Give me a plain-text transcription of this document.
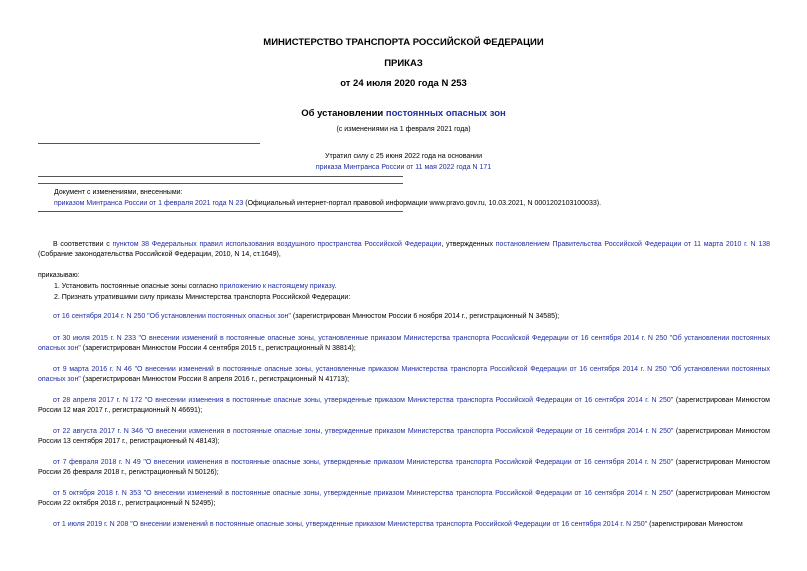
МИНИСТЕРСТВО ТРАНСПОРТА РОССИЙСКОЙ ФЕДЕРАЦИИ
ПРИКАЗ
от 24 июля 2020 года N 253
Об установлении постоянных опасных зон
(с изменениями на 1 февраля 2021 года)
Утратил силу с 25 июня 2022 года на основании
приказа Минтранса России от 11 мая 2022 года N 171
Документ с изменениями, внесенными:
приказом Минтранса России от 1 февраля 2021 года N 23 (Официальный интернет-портал правовой информации www.pravo.gov.ru, 10.03.2021, N 0001202103100033).
В соответствии с пунктом 38 Федеральных правил использования воздушного пространства Российской Федерации, утвержденных постановлением Правительства Российской Федерации от 11 марта 2010 г. N 138 (Собрание законодательства Российской Федерации, 2010, N 14, ст.1649),
приказываю:
1. Установить постоянные опасные зоны согласно приложению к настоящему приказу.
2. Признать утратившими силу приказы Министерства транспорта Российской Федерации:
от 16 сентября 2014 г. N 250 "Об установлении постоянных опасных зон" (зарегистрирован Минюстом России 6 ноября 2014 г., регистрационный N 34585);
от 30 июля 2015 г. N 233 "О внесении изменений в постоянные опасные зоны, установленные приказом Министерства транспорта Российской Федерации от 16 сентября 2014 г. N 250 "Об установлении постоянных опасных зон" (зарегистрирован Минюстом России 4 сентября 2015 г., регистрационный N 38814);
от 9 марта 2016 г. N 46 "О внесении изменений в постоянные опасные зоны, установленные приказом Министерства транспорта Российской Федерации от 16 сентября 2014 г. N 250 "Об установлении постоянных опасных зон" (зарегистрирован Минюстом России 8 апреля 2016 г., регистрационный N 41713);
от 28 апреля 2017 г. N 172 "О внесении изменения в постоянные опасные зоны, утвержденные приказом Министерства транспорта Российской Федерации от 16 сентября 2014 г. N 250" (зарегистрирован Минюстом России 12 мая 2017 г., регистрационный N 46691);
от 22 августа 2017 г. N 346 "О внесении изменения в постоянные опасные зоны, утвержденные приказом Министерства транспорта Российской Федерации от 16 сентября 2014 г. N 250" (зарегистрирован Минюстом России 13 сентября 2017 г., регистрационный N 48143);
от 7 февраля 2018 г. N 49 "О внесении изменения в постоянные опасные зоны, утвержденные приказом Министерства транспорта Российской Федерации от 16 сентября 2014 г. N 250" (зарегистрирован Минюстом России 26 февраля 2018 г., регистрационный N 50126);
от 5 октября 2018 г. N 353 "О внесении изменений в постоянные опасные зоны, утвержденные приказом Министерства транспорта Российской Федерации от 16 сентября 2014 г. N 250" (зарегистрирован Минюстом России 22 октября 2018 г., регистрационный N 52495);
от 1 июля 2019 г. N 208 "О внесении изменений в постоянные опасные зоны, утвержденные приказом Министерства транспорта Российской Федерации от 16 сентября 2014 г. N 250" (зарегистрирован Минюстом
